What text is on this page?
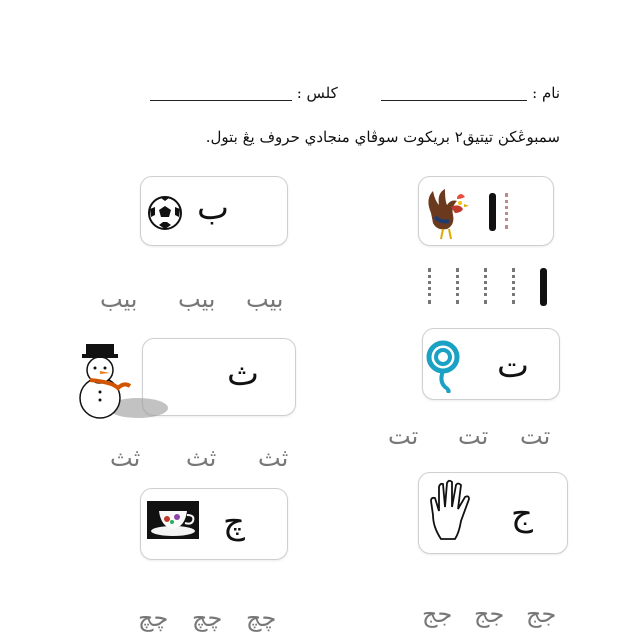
نام :   کلس :
سمبوڠكن تيتيق٢ بريكوت سوڤاي منجادي حروف يڠ بتول.
ب
ﺑﯿﺐ ﺑﯿﺐ ﺑﯿﺐ
ت
ﺗﺖ ﺗﺖ ﺗﺖ
ث
ﺛﺚ ﺛﺚ ﺛﺚ
ج
چ
ﺟﺞ ﺟﺞ ﺟﺞ
ﭼﭻ ﭼﭻ ﭼﭻ
